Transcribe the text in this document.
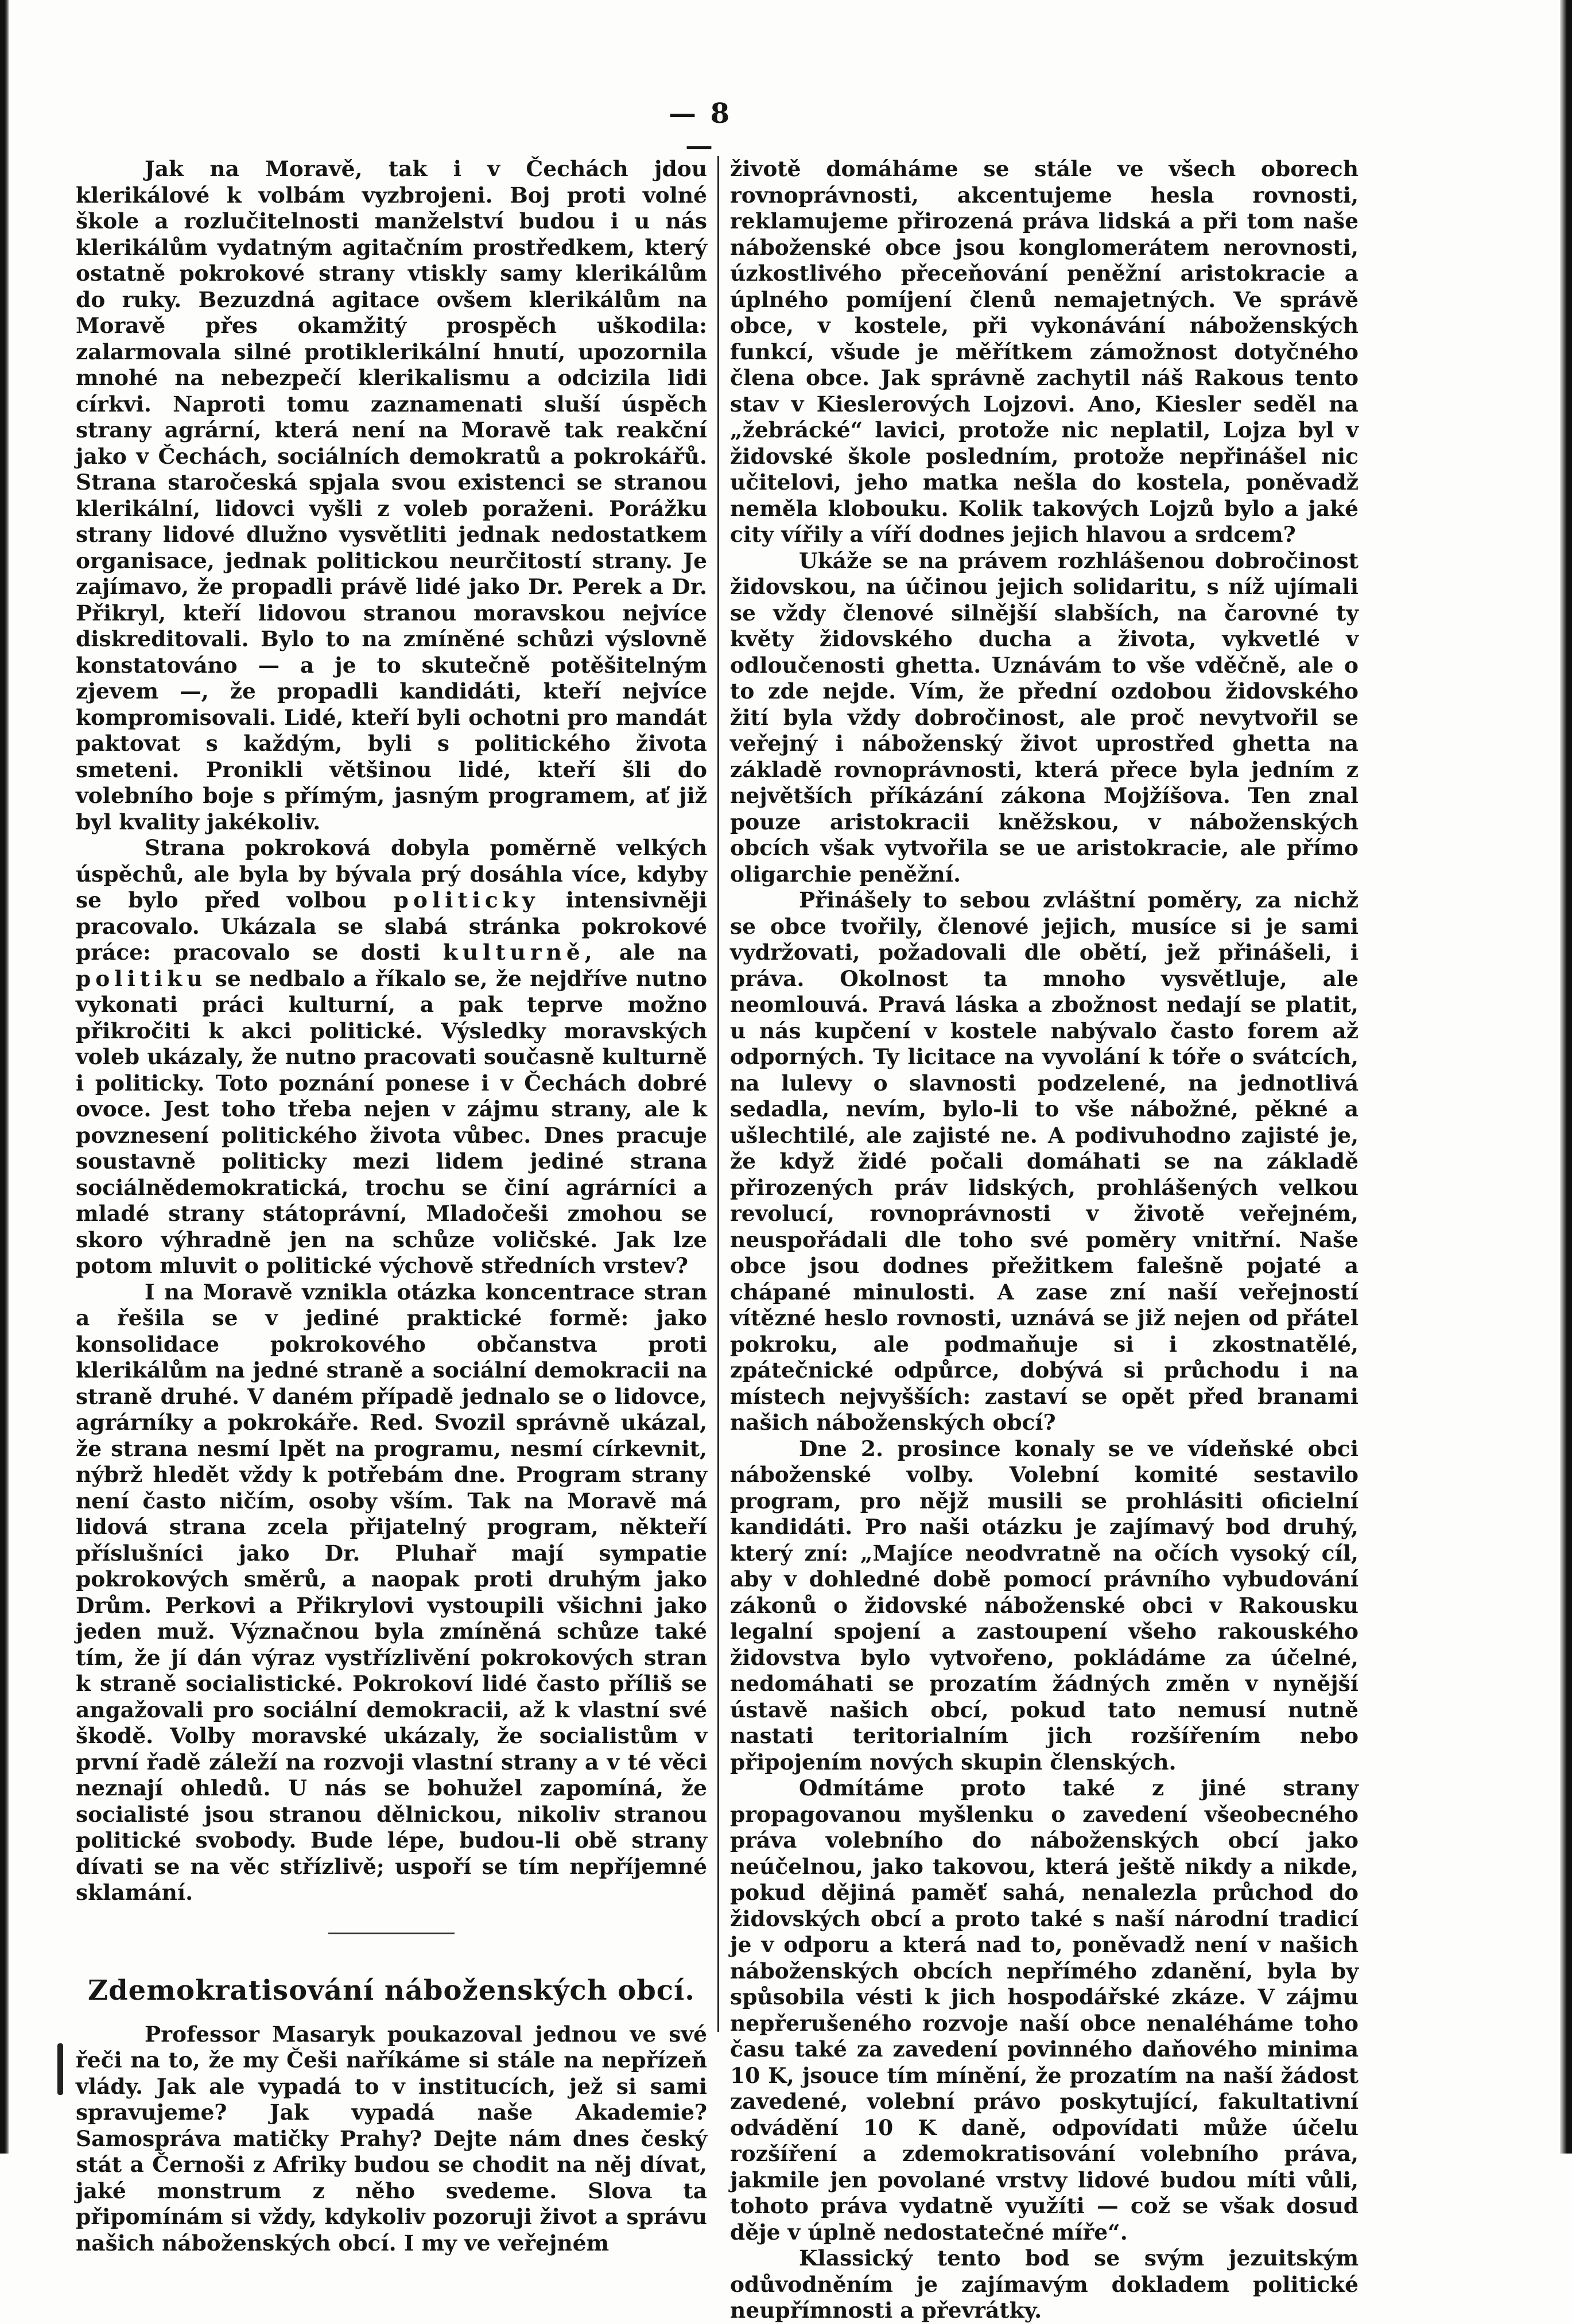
— 8 —

Jak na Moravě, tak i v Čechách jdou klerikálové k volbám vyzbrojeni. Boj proti volné škole a rozlučitelnosti manželství budou i u nás klerikálům vydatným agitačním prostředkem, který ostatně pokrokové strany vtiskly samy klerikálům do ruky. Bezuzdná agitace ovšem klerikálům na Moravě přes okamžitý prospěch uškodila: zalarmovala silné protiklerikální hnutí, upozornila mnohé na nebezpečí klerikalismu a odcizila lidi církvi. Naproti tomu zaznamenati sluší úspěch strany agrární, která není na Moravě tak reakční jako v Čechách, sociálních demokratů a pokrokářů. Strana staročeská spjala svou existenci se stranou klerikální, lidovci vyšli z voleb poraženi. Porážku strany lidové dlužno vysvětliti jednak nedostatkem organisace, jednak politickou neurčitostí strany. Je zajímavo, že propadli právě lidé jako Dr. Perek a Dr. Přikryl, kteří lidovou stranou moravskou nejvíce diskreditovali. Bylo to na zmíněné schůzi výslovně konstatováno — a je to skutečně potěšitelným zjevem —, že propadli kandidáti, kteří nejvíce kompromisovali. Lidé, kteří byli ochotni pro mandát paktovat s každým, byli s politického života smeteni. Pronikli většinou lidé, kteří šli do volebního boje s přímým, jasným programem, ať již byl kvality jakékoliv.

Strana pokroková dobyla poměrně velkých úspěchů, ale byla by bývala prý dosáhla více, kdyby se bylo před volbou politicky intensivněji pracovalo. Ukázala se slabá stránka pokrokové práce: pracovalo se dosti kulturně, ale na politiku se nedbalo a říkalo se, že nejdříve nutno vykonati práci kulturní, a pak teprve možno přikročiti k akci politické. Výsledky moravských voleb ukázaly, že nutno pracovati současně kulturně i politicky. Toto poznání ponese i v Čechách dobré ovoce. Jest toho třeba nejen v zájmu strany, ale k povznesení politického života vůbec. Dnes pracuje soustavně politicky mezi lidem jediné strana sociálnědemokratická, trochu se činí agrárníci a mladé strany státoprávní, Mladočeši zmohou se skoro výhradně jen na schůze voličské. Jak lze potom mluvit o politické výchově středních vrstev?

I na Moravě vznikla otázka koncentrace stran a řešila se v jediné praktické formě: jako konsolidace pokrokového občanstva proti klerikálům na jedné straně a sociální demokracii na straně druhé. V daném případě jednalo se o lidovce, agrárníky a pokrokáře. Red. Svozil správně ukázal, že strana nesmí lpět na programu, nesmí církevnit, nýbrž hledět vždy k potřebám dne. Program strany není často ničím, osoby vším. Tak na Moravě má lidová strana zcela přijatelný program, někteří příslušníci jako Dr. Pluhař mají sympatie pokrokových směrů, a naopak proti druhým jako Drům. Perkovi a Přikrylovi vystoupili všichni jako jeden muž. Význačnou byla zmíněná schůze také tím, že jí dán výraz vystřízlivění pokrokových stran k straně socialistické. Pokrokoví lidé často příliš se angažovali pro sociální demokracii, až k vlastní své škodě. Volby moravské ukázaly, že socialistům v první řadě záleží na rozvoji vlastní strany a v té věci neznají ohledů. U nás se bohužel zapomíná, že socialisté jsou stranou dělnickou, nikoliv stranou politické svobody. Bude lépe, budou-li obě strany dívati se na věc střízlivě; uspoří se tím nepříjemné sklamání.

Zdemokratisování náboženských obcí.

Professor Masaryk poukazoval jednou ve své řeči na to, že my Češi naříkáme si stále na nepřízeň vlády. Jak ale vypadá to v institucích, jež si sami spravujeme? Jak vypadá naše Akademie? Samospráva matičky Prahy? Dejte nám dnes český stát a Černoši z Afriky budou se chodit na něj dívat, jaké monstrum z něho svedeme. Slova ta připomínám si vždy, kdykoliv pozoruji život a správu našich náboženských obcí. I my ve veřejném

životě domáháme se stále ve všech oborech rovnoprávnosti, akcentujeme hesla rovnosti, reklamujeme přirozená práva lidská a při tom naše náboženské obce jsou konglomerátem nerovnosti, úzkostlivého přeceňování peněžní aristokracie a úplného pomíjení členů nemajetných. Ve správě obce, v kostele, při vykonávání náboženských funkcí, všude je měřítkem zámožnost dotyčného člena obce. Jak správně zachytil náš Rakous tento stav v Kieslerových Lojzovi. Ano, Kiesler seděl na „žebrácké“ lavici, protože nic neplatil, Lojza byl v židovské škole posledním, protože nepřinášel nic učitelovi, jeho matka nešla do kostela, poněvadž neměla klobouku. Kolik takových Lojzů bylo a jaké city vířily a víří dodnes jejich hlavou a srdcem?

Ukáže se na právem rozhlášenou dobročinost židovskou, na účinou jejich solidaritu, s níž ujímali se vždy členové silnější slabších, na čarovné ty květy židovského ducha a života, vykvetlé v odloučenosti ghetta. Uznávám to vše vděčně, ale o to zde nejde. Vím, že přední ozdobou židovského žití byla vždy dobročinost, ale proč nevytvořil se veřejný i náboženský život uprostřed ghetta na základě rovnoprávnosti, která přece byla jedním z největších příkázání zákona Mojžíšova. Ten znal pouze aristokracii kněžskou, v náboženských obcích však vytvořila se ue aristokracie, ale přímo oligarchie peněžní.

Přinášely to sebou zvláštní poměry, za nichž se obce tvořily, členové jejich, musíce si je sami vydržovati, požadovali dle obětí, jež přinášeli, i práva. Okolnost ta mnoho vysvětluje, ale neomlouvá. Pravá láska a zbožnost nedají se platit, u nás kupčení v kostele nabývalo často forem až odporných. Ty licitace na vyvolání k tóře o svátcích, na lulevy o slavnosti podzelené, na jednotlivá sedadla, nevím, bylo-li to vše nábožné, pěkné a ušlechtilé, ale zajisté ne. A podivuhodno zajisté je, že když židé počali domáhati se na základě přirozených práv lidských, prohlášených velkou revolucí, rovnoprávnosti v životě veřejném, neuspořádali dle toho své poměry vnitřní. Naše obce jsou dodnes přežitkem falešně pojaté a chápané minulosti. A zase zní naší veřejností vítězné heslo rovnosti, uznává se již nejen od přátel pokroku, ale podmaňuje si i zkostnatělé, zpátečnické odpůrce, dobývá si průchodu i na místech nejvyšších: zastaví se opět před branami našich náboženských obcí?

Dne 2. prosince konaly se ve vídeňské obci náboženské volby. Volební komité sestavilo program, pro nějž musili se prohlásiti oficielní kandidáti. Pro naši otázku je zajímavý bod druhý, který zní: „Majíce neodvratně na očích vysoký cíl, aby v dohledné době pomocí právního vybudování zákonů o židovské náboženské obci v Rakousku legalní spojení a zastoupení všeho rakouského židovstva bylo vytvořeno, pokládáme za účelné, nedomáhati se prozatím žádných změn v nynější ústavě našich obcí, pokud tato nemusí nutně nastati teritorialním jich rozšířením nebo připojením nových skupin členských.

Odmítáme proto také z jiné strany propagovanou myšlenku o zavedení všeobecného práva volebního do náboženských obcí jako neúčelnou, jako takovou, která ještě nikdy a nikde, pokud dějiná paměť sahá, nenalezla průchod do židovských obcí a proto také s naší národní tradicí je v odporu a která nad to, poněvadž není v našich náboženských obcích nepřímého zdanění, byla by spůsobila vésti k jich hospodářské zkáze. V zájmu nepřerušeného rozvoje naší obce nenaléháme toho času také za zavedení povinného daňového minima 10 K, jsouce tím mínění, že prozatím na naší žádost zavedené, volební právo poskytující, fakultativní odvádění 10 K daně, odpovídati může účelu rozšíření a zdemokratisování volebního práva, jakmile jen povolané vrstvy lidové budou míti vůli, tohoto práva vydatně využíti — což se však dosud děje v úplně nedostatečné míře“.

Klassický tento bod se svým jezuitským odůvodněním je zajímavým dokladem politické neupřímnosti a převrátky.
